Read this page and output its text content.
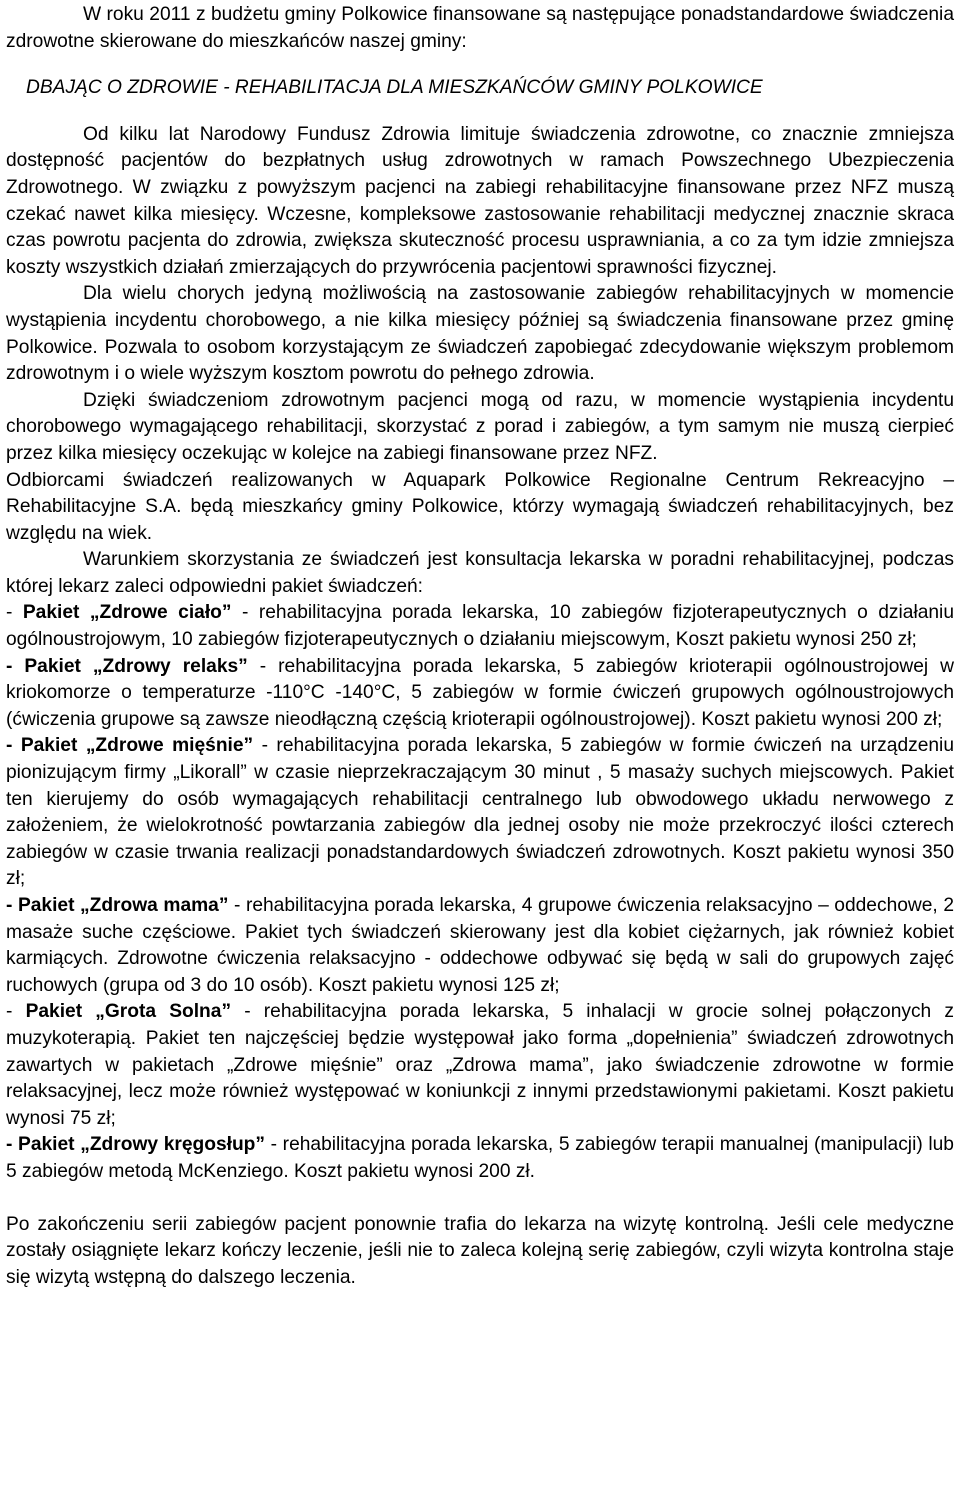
W roku 2011 z budżetu gminy Polkowice finansowane są następujące ponadstandardowe świadczenia zdrowotne skierowane do mieszkańców naszej gminy:

DBAJĄC O ZDROWIE - REHABILITACJA DLA MIESZKAŃCÓW GMINY POLKOWICE

Od kilku lat Narodowy Fundusz Zdrowia limituje świadczenia zdrowotne, co znacznie zmniejsza dostępność pacjentów do bezpłatnych usług zdrowotnych w ramach Powszechnego Ubezpieczenia Zdrowotnego. W związku z powyższym pacjenci na zabiegi rehabilitacyjne finansowane przez NFZ muszą czekać nawet kilka miesięcy. Wczesne, kompleksowe zastosowanie rehabilitacji medycznej znacznie skraca czas powrotu pacjenta do zdrowia, zwiększa skuteczność procesu usprawniania, a co za tym idzie zmniejsza koszty wszystkich działań zmierzających do przywrócenia pacjentowi sprawności fizycznej.

Dla wielu chorych jedyną możliwością na zastosowanie zabiegów rehabilitacyjnych w momencie wystąpienia incydentu chorobowego, a nie kilka miesięcy później są świadczenia finansowane przez gminę Polkowice. Pozwala to osobom korzystającym ze świadczeń zapobiegać zdecydowanie większym problemom zdrowotnym i o wiele wyższym kosztom powrotu do pełnego zdrowia.

Dzięki świadczeniom zdrowotnym pacjenci mogą od razu, w momencie wystąpienia incydentu chorobowego wymagającego rehabilitacji, skorzystać z porad i zabiegów, a tym samym nie muszą cierpieć przez kilka miesięcy oczekując w kolejce na zabiegi finansowane przez NFZ.

Odbiorcami świadczeń realizowanych w Aquapark Polkowice Regionalne Centrum Rekreacyjno – Rehabilitacyjne S.A. będą mieszkańcy gminy Polkowice, którzy wymagają świadczeń rehabilitacyjnych, bez względu na wiek.

Warunkiem skorzystania ze świadczeń jest konsultacja lekarska w poradni rehabilitacyjnej, podczas której lekarz zaleci odpowiedni pakiet świadczeń:

- Pakiet „Zdrowe ciało” - rehabilitacyjna porada lekarska, 10 zabiegów fizjoterapeutycznych o działaniu ogólnoustrojowym, 10 zabiegów fizjoterapeutycznych o działaniu miejscowym, Koszt pakietu wynosi 250 zł;

- Pakiet „Zdrowy relaks” - rehabilitacyjna porada lekarska, 5 zabiegów krioterapii ogólnoustrojowej w kriokomorze o temperaturze -110°C -140°C, 5 zabiegów w formie ćwiczeń grupowych ogólnoustrojowych (ćwiczenia grupowe są zawsze nieodłączną częścią krioterapii ogólnoustrojowej). Koszt pakietu wynosi 200 zł;

- Pakiet „Zdrowe mięśnie” - rehabilitacyjna porada lekarska, 5 zabiegów w formie ćwiczeń na urządzeniu pionizującym firmy „Likorall” w czasie nieprzekraczającym 30 minut , 5 masaży suchych miejscowych. Pakiet ten kierujemy do osób wymagających rehabilitacji centralnego lub obwodowego układu nerwowego z założeniem, że wielokrotność powtarzania zabiegów dla jednej osoby nie może przekroczyć ilości czterech zabiegów w czasie trwania realizacji ponadstandardowych świadczeń zdrowotnych. Koszt pakietu wynosi 350 zł;

- Pakiet „Zdrowa mama” - rehabilitacyjna porada lekarska, 4 grupowe ćwiczenia relaksacyjno – oddechowe, 2 masaże suche częściowe. Pakiet tych świadczeń skierowany jest dla kobiet ciężarnych, jak również kobiet karmiących. Zdrowotne ćwiczenia relaksacyjno - oddechowe odbywać się będą w sali do grupowych zajęć ruchowych (grupa od 3 do 10 osób). Koszt pakietu wynosi 125 zł;

- Pakiet „Grota Solna” - rehabilitacyjna porada lekarska, 5 inhalacji w grocie solnej połączonych z muzykoterapią. Pakiet ten najczęściej będzie występował jako forma „dopełnienia” świadczeń zdrowotnych zawartych w pakietach „Zdrowe mięśnie” oraz „Zdrowa mama”, jako świadczenie zdrowotne w formie relaksacyjnej, lecz może również występować w koniunkcji z innymi przedstawionymi pakietami. Koszt pakietu wynosi 75 zł;

- Pakiet „Zdrowy kręgosłup” - rehabilitacyjna porada lekarska, 5 zabiegów terapii manualnej (manipulacji) lub 5 zabiegów metodą McKenziego. Koszt pakietu wynosi 200 zł.

Po zakończeniu serii zabiegów pacjent ponownie trafia do lekarza na wizytę kontrolną. Jeśli cele medyczne zostały osiągnięte lekarz kończy leczenie, jeśli nie to zaleca kolejną serię zabiegów, czyli wizyta kontrolna staje się wizytą wstępną do dalszego leczenia.
